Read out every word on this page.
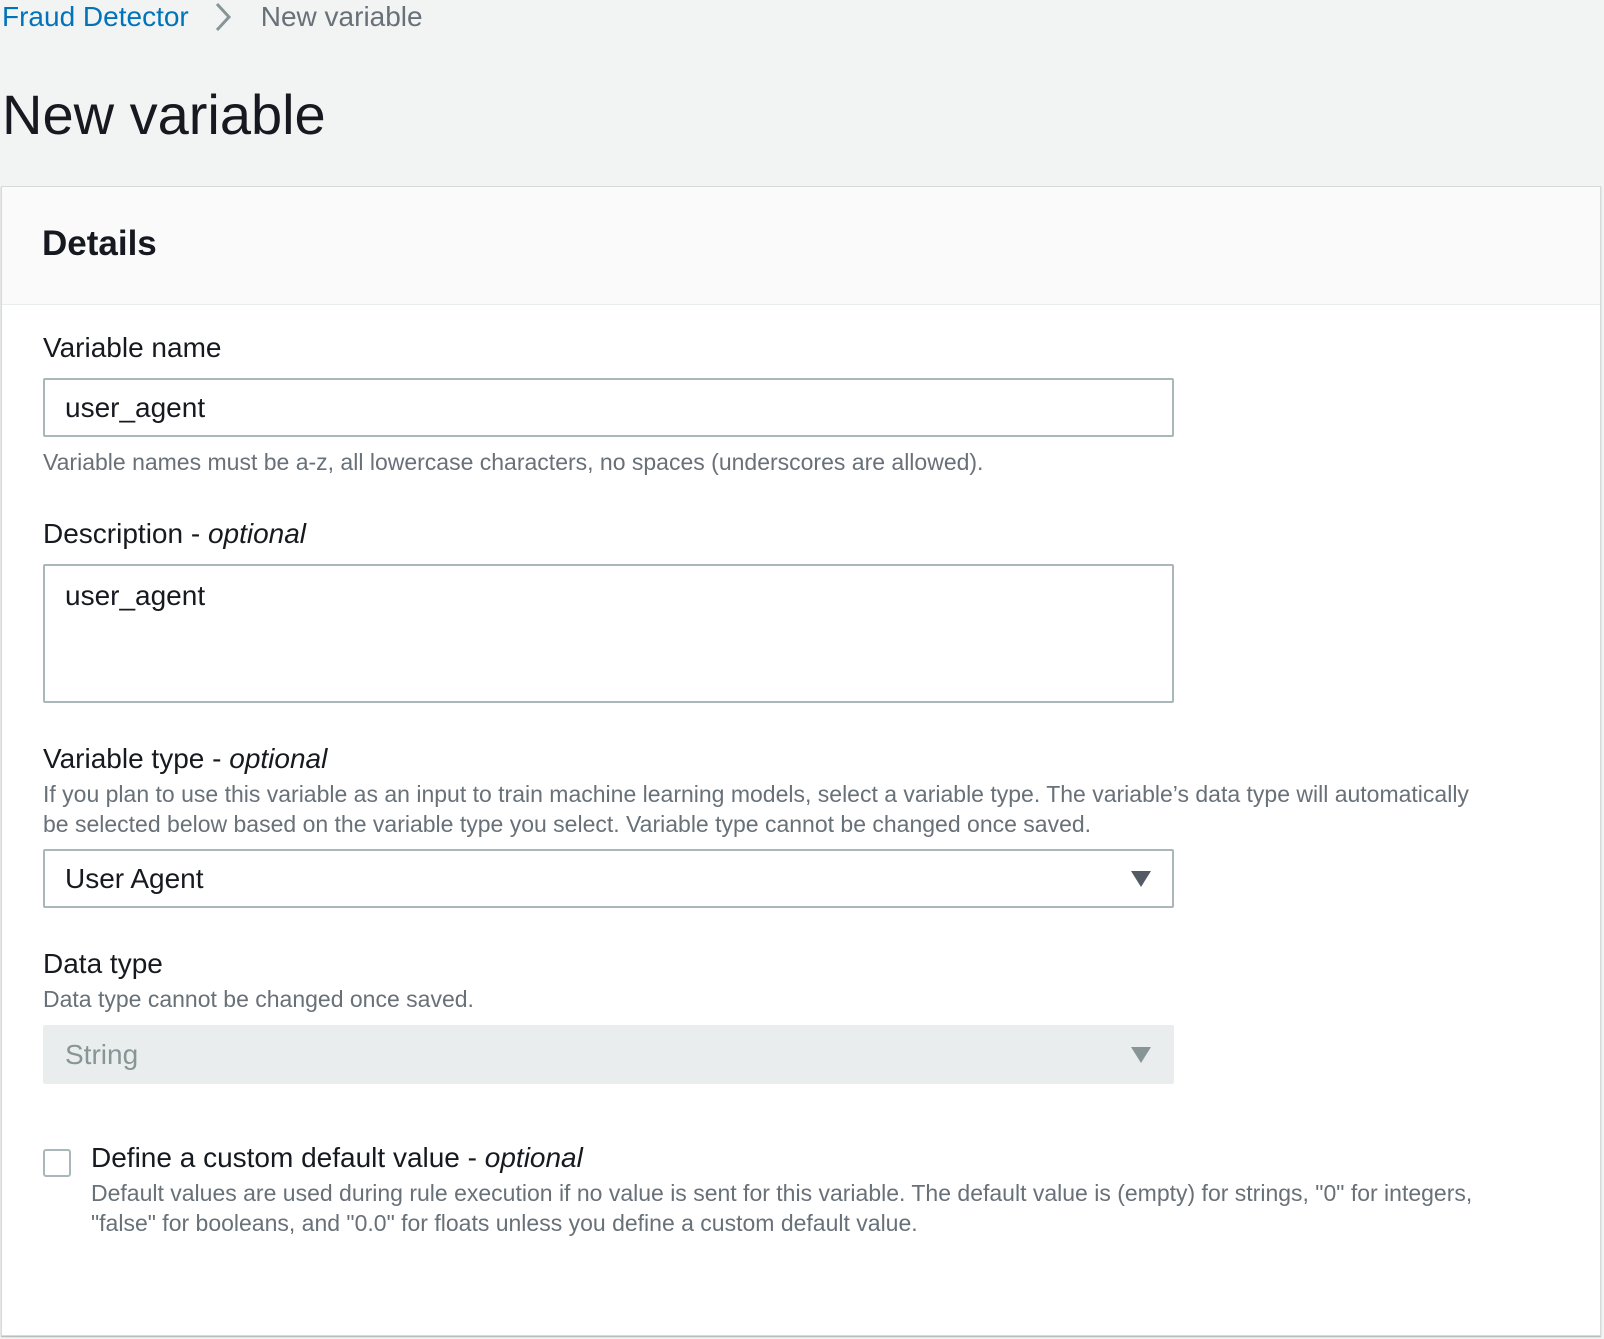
Fraud Detector	New variable
New variable
Details
Variable name
user_agent
Variable names must be a-z, all lowercase characters, no spaces (underscores are allowed).
Description - optional
user_agent
Variable type - optional
If you plan to use this variable as an input to train machine learning models, select a variable type. The variable’s data type will automatically be selected below based on the variable type you select. Variable type cannot be changed once saved.
User Agent
Data type
Data type cannot be changed once saved.
String
Define a custom default value - optional
Default values are used during rule execution if no value is sent for this variable. The default value is (empty) for strings, "0" for integers, "false" for booleans, and "0.0" for floats unless you define a custom default value.
